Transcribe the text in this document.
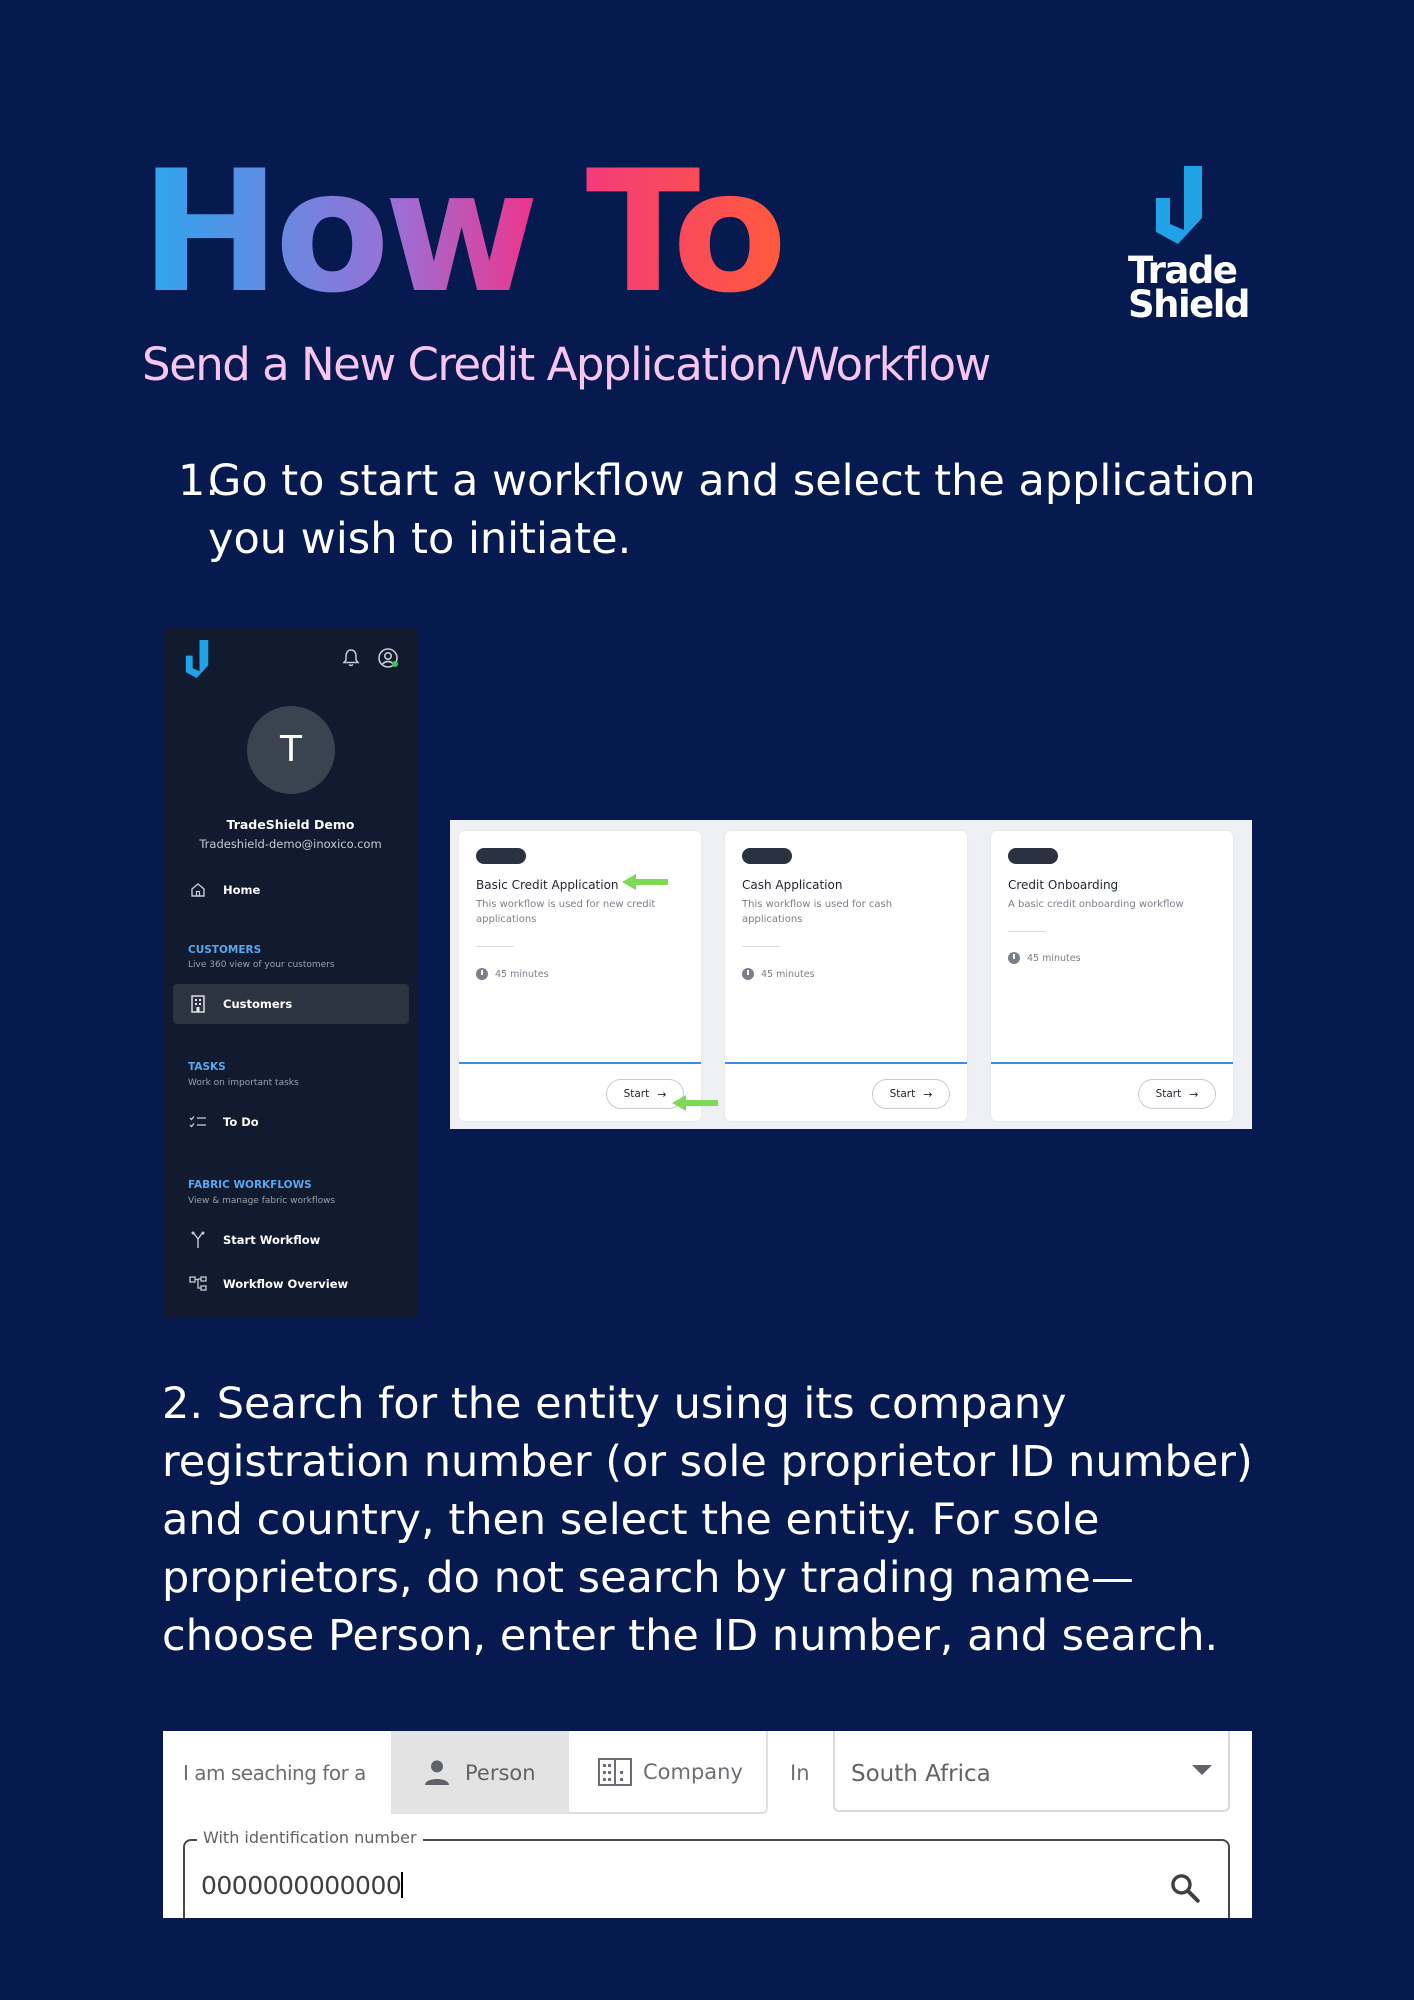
How To
Send a New Credit Application/Workflow
Trade
Shield
1.
Go to start a workflow and select the application you wish to initiate.
T
TradeShield Demo
Tradeshield-demo@inoxico.com
Home
CUSTOMERS
Live 360 view of your customers
Customers
TASKS
Work on important tasks
To Do
FABRIC WORKFLOWS
View & manage fabric workflows
Start Workflow
Workflow Overview
Basic Credit Application
This workflow is used for new credit applications
45 minutes
Start →
Cash Application
This workflow is used for cash applications
45 minutes
Start →
Credit Onboarding
A basic credit onboarding workflow
45 minutes
Start →
2. Search for the entity using its company registration number (or sole proprietor ID number) and country, then select the entity. For sole proprietors, do not search by trading name—choose Person, enter the ID number, and search.
I am seaching for a	Person	Company In South Africa
With identification number
0000000000000
